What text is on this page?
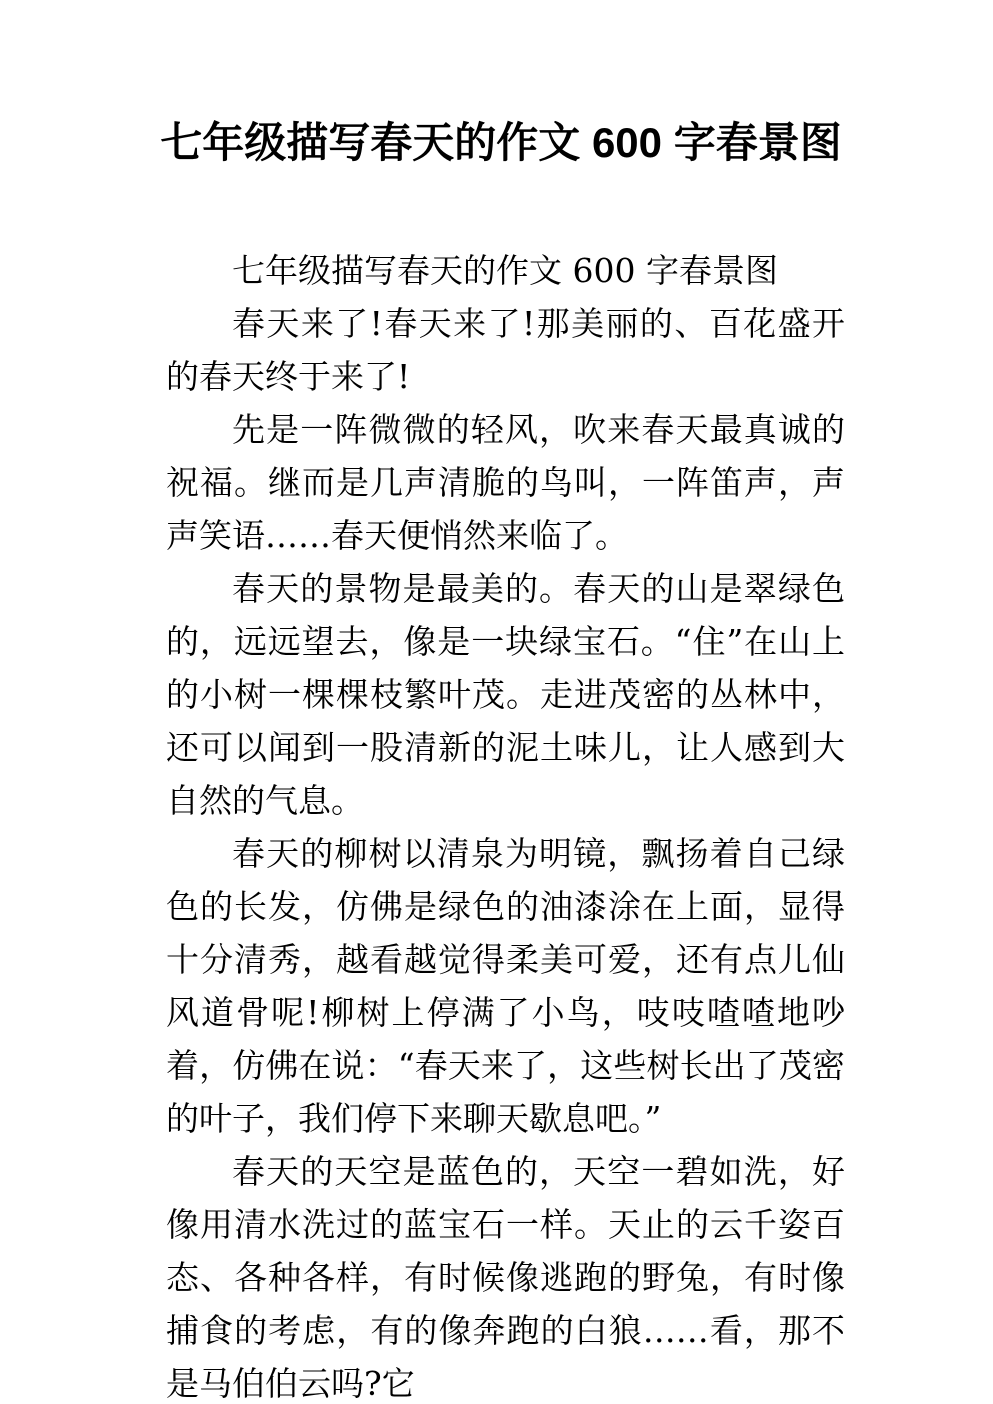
七年级描写春天的作文 600 字春景图

七年级描写春天的作文 600 字春景图

春天来了!春天来了!那美丽的、百花盛开的春天终于来了!

先是一阵微微的轻风，吹来春天最真诚的祝福。继而是几声清脆的鸟叫，一阵笛声，声声笑语……春天便悄然来临了。

春天的景物是最美的。春天的山是翠绿色的，远远望去，像是一块绿宝石。“住”在山上的小树一棵棵枝繁叶茂。走进茂密的丛林中，还可以闻到一股清新的泥土味儿，让人感到大自然的气息。

春天的柳树以清泉为明镜，飘扬着自己绿色的长发，仿佛是绿色的油漆涂在上面，显得十分清秀，越看越觉得柔美可爱，还有点儿仙风道骨呢!柳树上停满了小鸟，吱吱喳喳地吵着，仿佛在说：“春天来了，这些树长出了茂密的叶子，我们停下来聊天歇息吧。”

春天的天空是蓝色的，天空一碧如洗，好像用清水洗过的蓝宝石一样。天止的云千姿百态、各种各样，有时候像逃跑的野兔，有时像捕食的考虑，有的像奔跑的白狼……看，那不是马伯伯云吗?它
